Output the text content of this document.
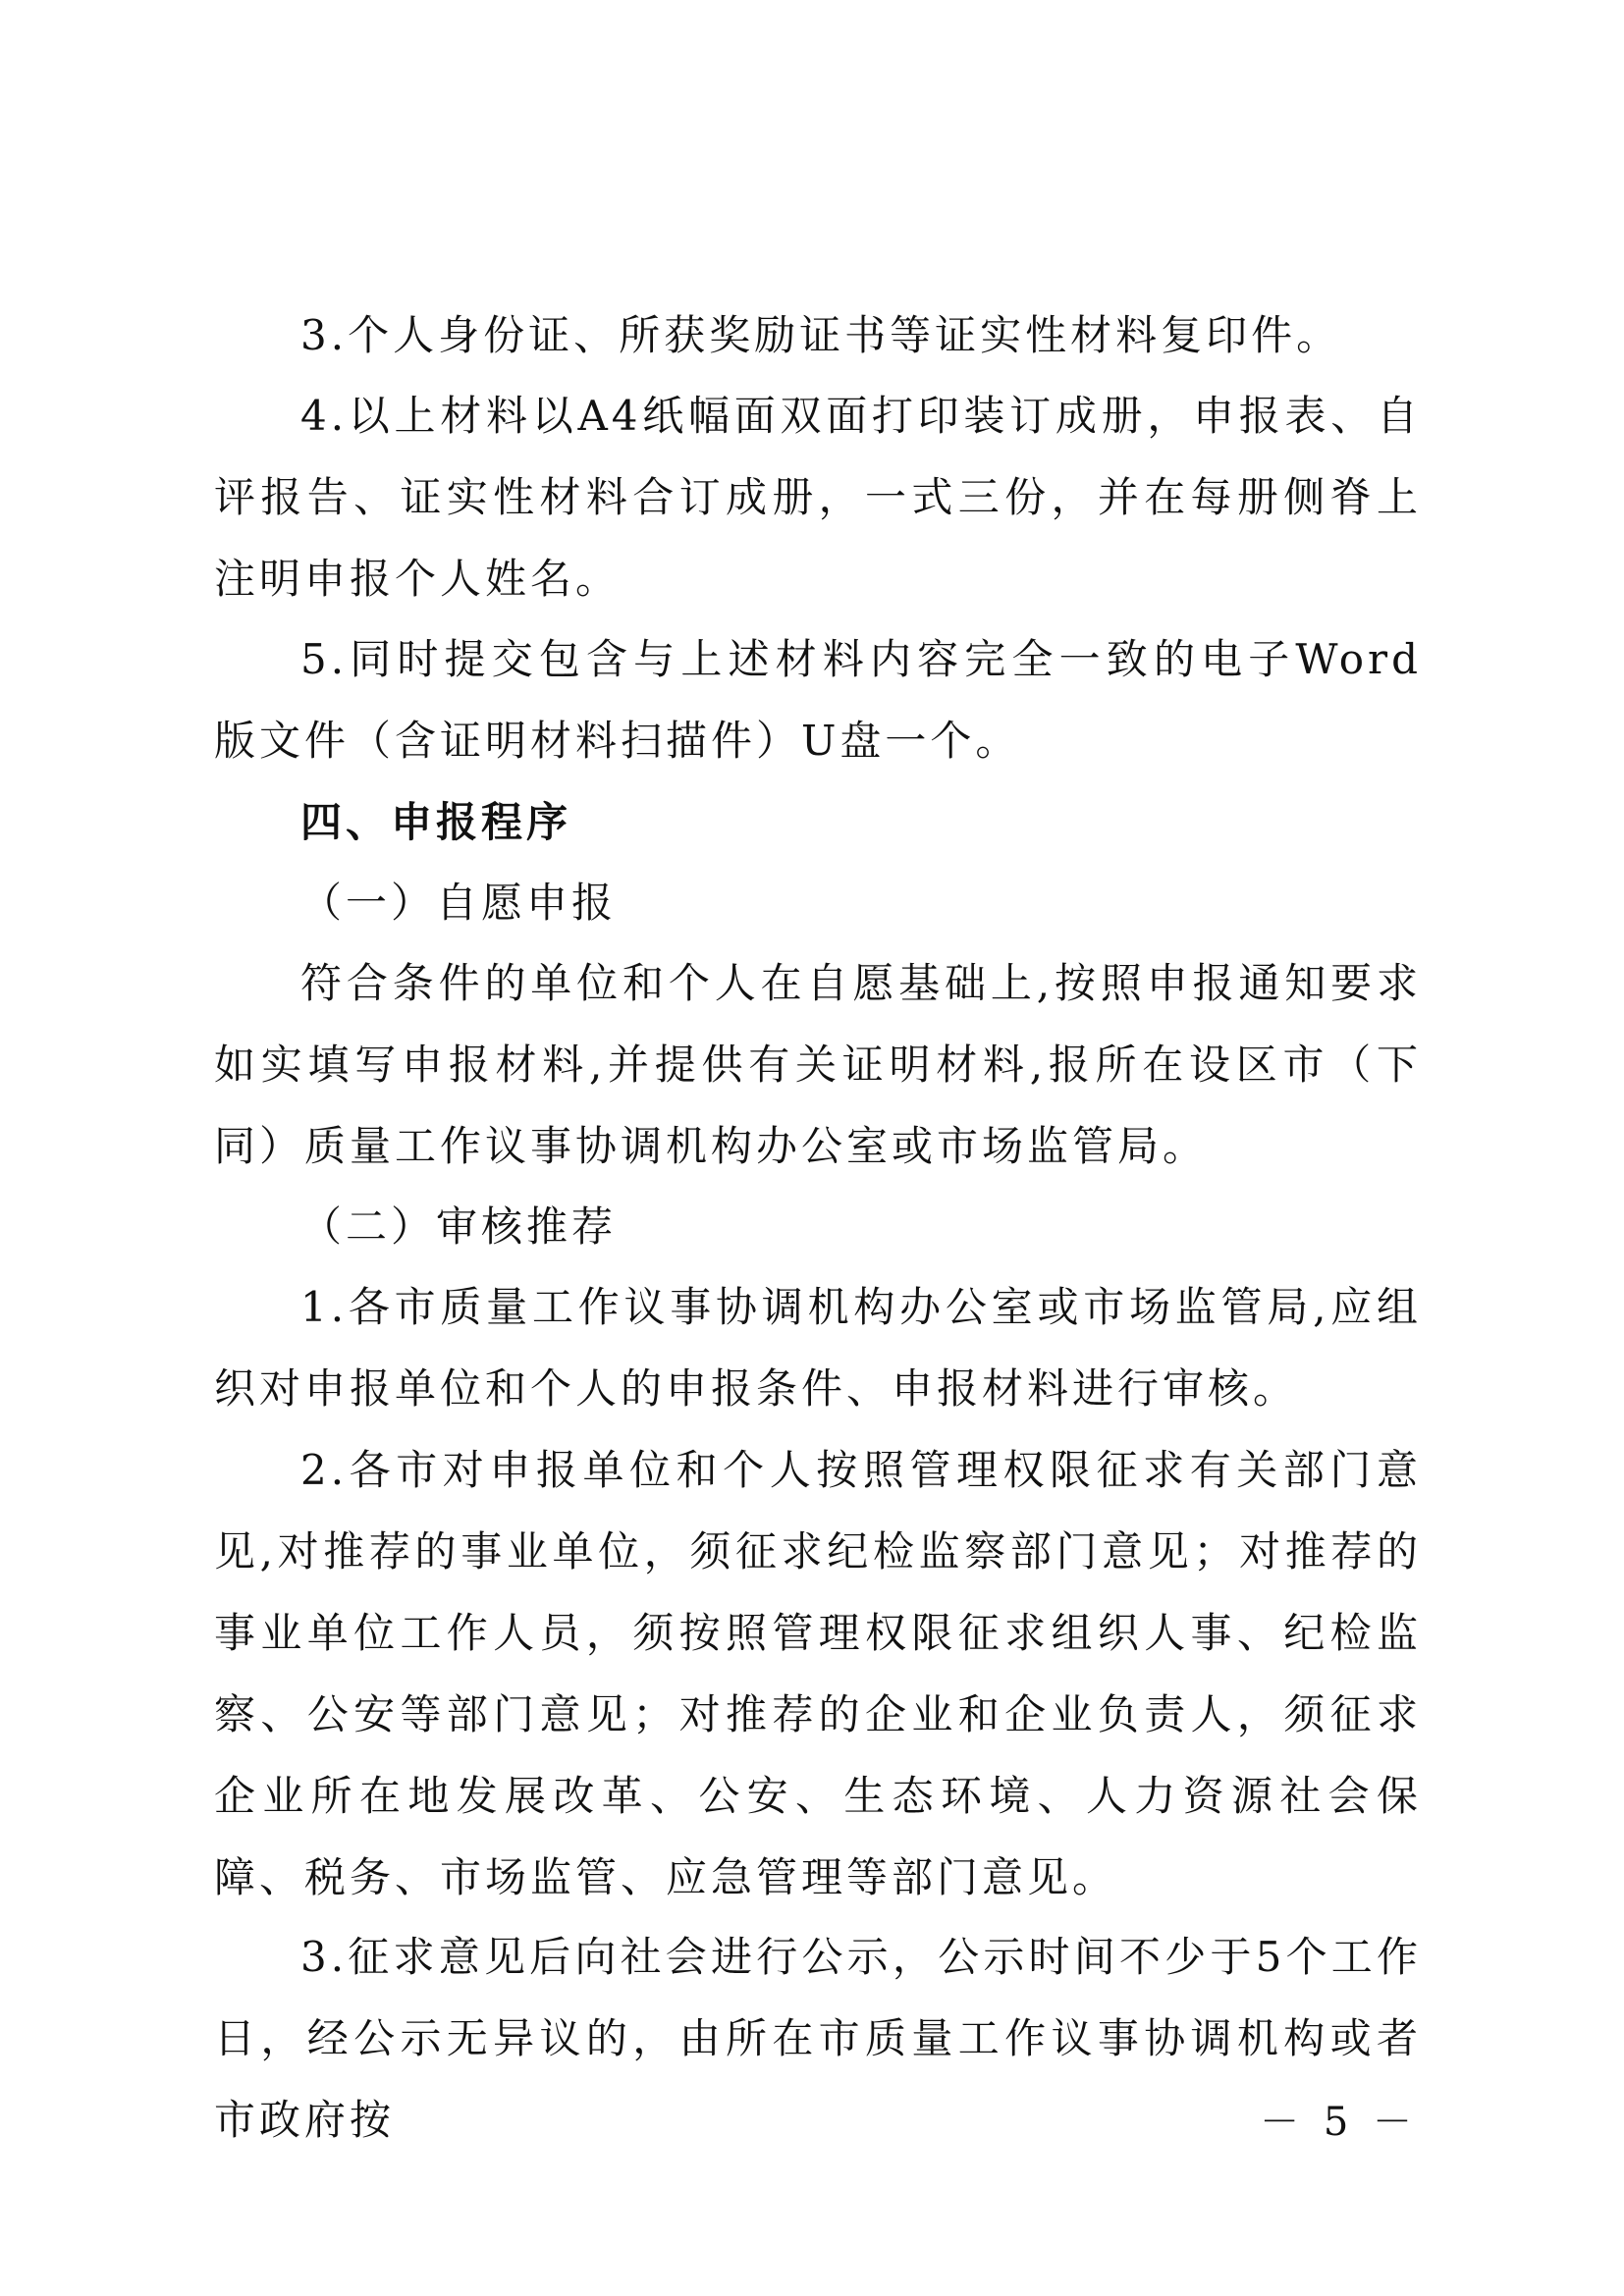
3.个人身份证、所获奖励证书等证实性材料复印件。

4.以上材料以A4纸幅面双面打印装订成册，申报表、自评报告、证实性材料合订成册，一式三份，并在每册侧脊上注明申报个人姓名。

5.同时提交包含与上述材料内容完全一致的电子Word版文件（含证明材料扫描件）U盘一个。

四、申报程序

（一）自愿申报

符合条件的单位和个人在自愿基础上,按照申报通知要求如实填写申报材料,并提供有关证明材料,报所在设区市（下同）质量工作议事协调机构办公室或市场监管局。

（二）审核推荐

1.各市质量工作议事协调机构办公室或市场监管局,应组织对申报单位和个人的申报条件、申报材料进行审核。

2.各市对申报单位和个人按照管理权限征求有关部门意见,对推荐的事业单位，须征求纪检监察部门意见；对推荐的事业单位工作人员，须按照管理权限征求组织人事、纪检监察、公安等部门意见；对推荐的企业和企业负责人，须征求企业所在地发展改革、公安、生态环境、人力资源社会保障、税务、市场监管、应急管理等部门意见。

3.征求意见后向社会进行公示，公示时间不少于5个工作日，经公示无异议的，由所在市质量工作议事协调机构或者市政府按	－ 5 －
